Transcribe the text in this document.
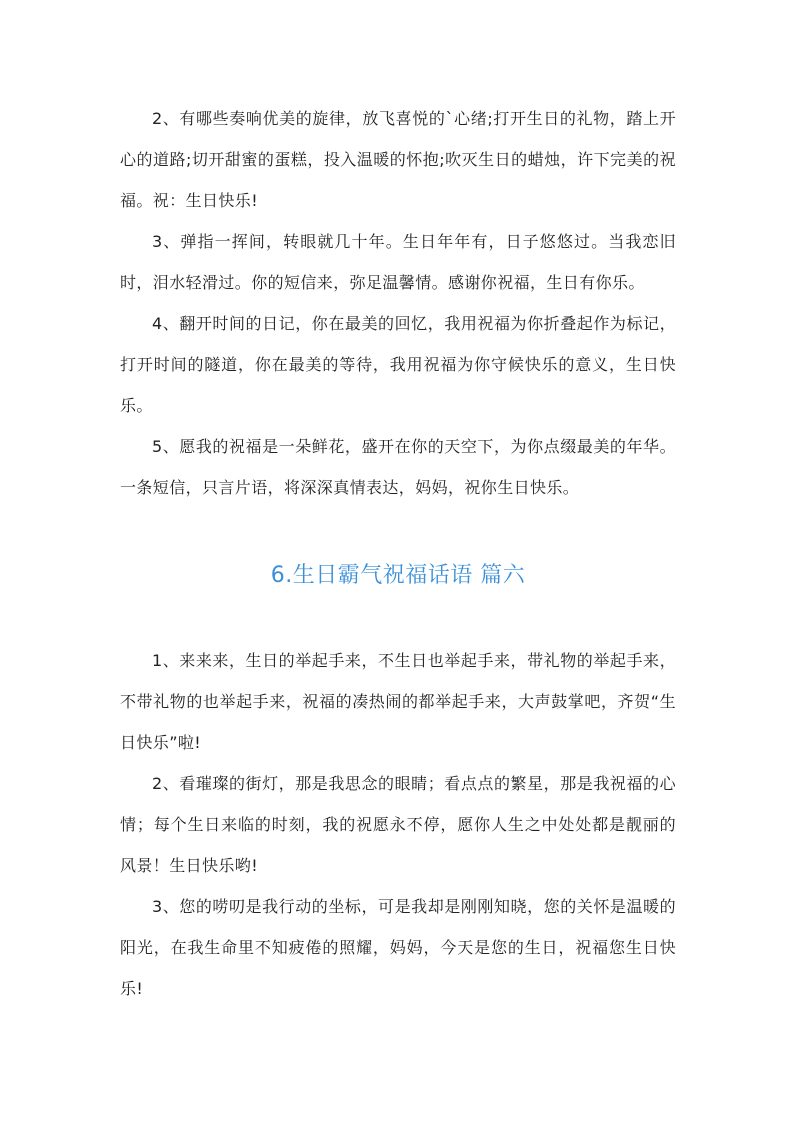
2、有哪些奏响优美的旋律，放飞喜悦的`心绪;打开生日的礼物，踏上开心的道路;切开甜蜜的蛋糕，投入温暖的怀抱;吹灭生日的蜡烛，许下完美的祝福。祝：生日快乐!

3、弹指一挥间，转眼就几十年。生日年年有，日子悠悠过。当我恋旧时，泪水轻滑过。你的短信来，弥足温馨情。感谢你祝福，生日有你乐。

4、翻开时间的日记，你在最美的回忆，我用祝福为你折叠起作为标记，打开时间的隧道，你在最美的等待，我用祝福为你守候快乐的意义，生日快乐。

5、愿我的祝福是一朵鲜花，盛开在你的天空下，为你点缀最美的年华。一条短信，只言片语，将深深真情表达，妈妈，祝你生日快乐。

6.生日霸气祝福话语 篇六

1、来来来，生日的举起手来，不生日也举起手来，带礼物的举起手来，不带礼物的也举起手来，祝福的凑热闹的都举起手来，大声鼓掌吧，齐贺“生日快乐”啦!

2、看璀璨的街灯，那是我思念的眼睛；看点点的繁星，那是我祝福的心情；每个生日来临的时刻，我的祝愿永不停，愿你人生之中处处都是靓丽的风景！生日快乐哟!

3、您的唠叨是我行动的坐标，可是我却是刚刚知晓，您的关怀是温暖的阳光，在我生命里不知疲倦的照耀，妈妈，今天是您的生日，祝福您生日快乐!
